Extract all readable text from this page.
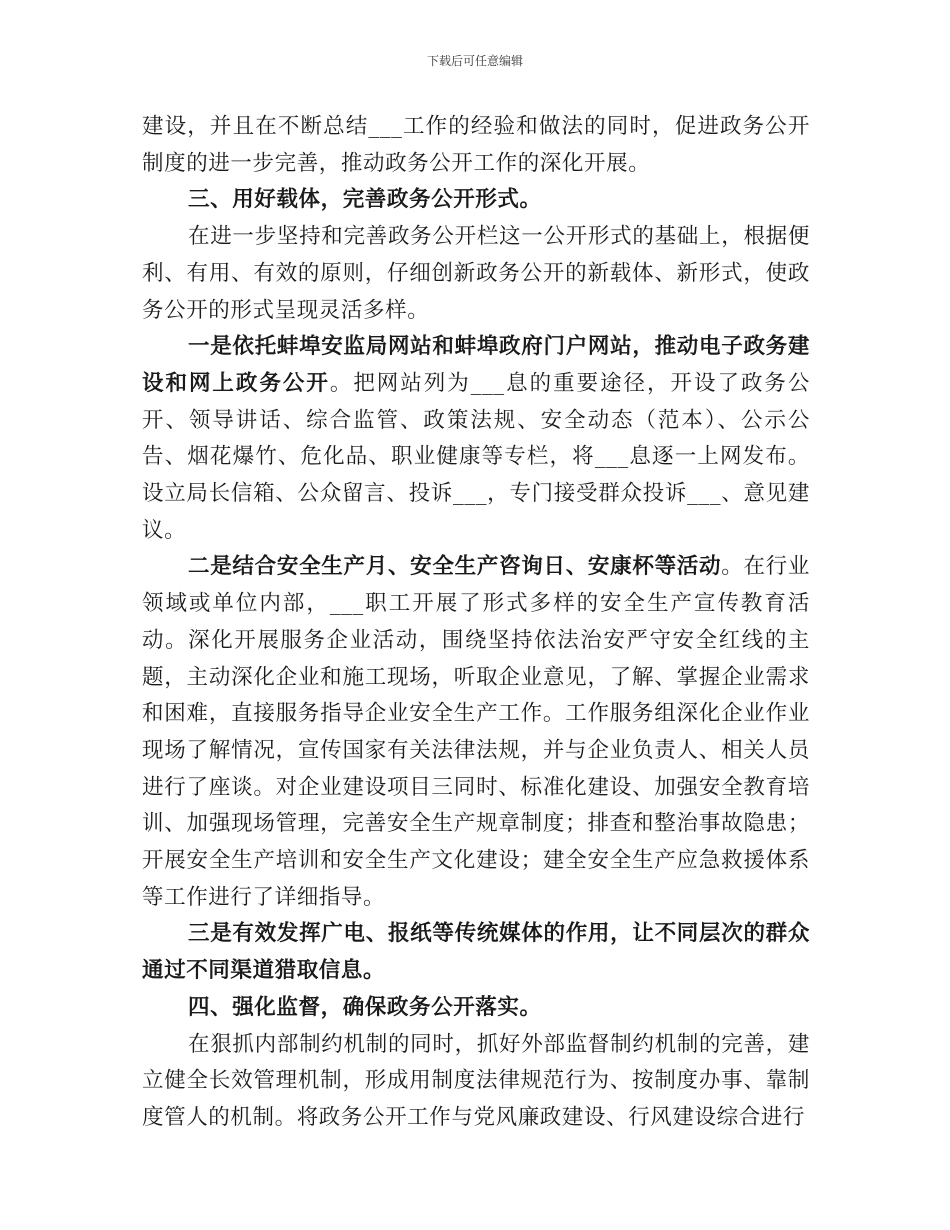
下载后可任意编辑

建设，并且在不断总结___工作的经验和做法的同时，促进政务公开制度的进一步完善，推动政务公开工作的深化开展。

三、用好载体，完善政务公开形式。

在进一步坚持和完善政务公开栏这一公开形式的基础上，根据便利、有用、有效的原则，仔细创新政务公开的新载体、新形式，使政务公开的形式呈现灵活多样。

一是依托蚌埠安监局网站和蚌埠政府门户网站，推动电子政务建设和网上政务公开。把网站列为___息的重要途径，开设了政务公开、领导讲话、综合监管、政策法规、安全动态（范本）、公示公告、烟花爆竹、危化品、职业健康等专栏，将___息逐一上网发布。设立局长信箱、公众留言、投诉___，专门接受群众投诉___、意见建议。

二是结合安全生产月、安全生产咨询日、安康杯等活动。在行业领域或单位内部，___职工开展了形式多样的安全生产宣传教育活动。深化开展服务企业活动，围绕坚持依法治安严守安全红线的主题，主动深化企业和施工现场，听取企业意见，了解、掌握企业需求和困难，直接服务指导企业安全生产工作。工作服务组深化企业作业现场了解情况，宣传国家有关法律法规，并与企业负责人、相关人员进行了座谈。对企业建设项目三同时、标准化建设、加强安全教育培训、加强现场管理，完善安全生产规章制度；排查和整治事故隐患；开展安全生产培训和安全生产文化建设；建全安全生产应急救援体系等工作进行了详细指导。

三是有效发挥广电、报纸等传统媒体的作用，让不同层次的群众通过不同渠道猎取信息。

四、强化监督，确保政务公开落实。

在狠抓内部制约机制的同时，抓好外部监督制约机制的完善，建立健全长效管理机制，形成用制度法律规范行为、按制度办事、靠制度管人的机制。将政务公开工作与党风廉政建设、行风建设综合进行
